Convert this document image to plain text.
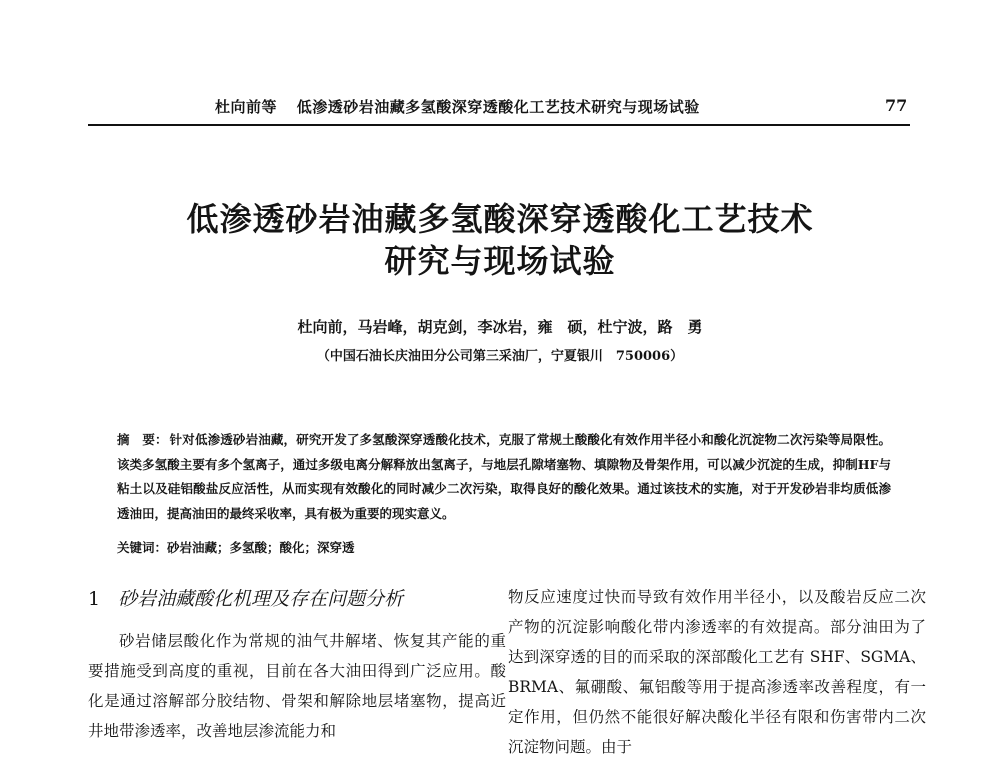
杜向前等 低渗透砂岩油藏多氢酸深穿透酸化工艺技术研究与现场试验	77
低渗透砂岩油藏多氢酸深穿透酸化工艺技术
研究与现场试验
杜向前，马岩峰，胡克剑，李冰岩，雍　硕，杜宁波，路　勇
（中国石油长庆油田分公司第三采油厂，宁夏银川　750006）
摘　要： 针对低渗透砂岩油藏，研究开发了多氢酸深穿透酸化技术，克服了常规土酸酸化有效作用半径小和酸化沉淀物二次污染等局限性。该类多氢酸主要有多个氢离子，通过多级电离分解释放出氢离子，与地层孔隙堵塞物、填隙物及骨架作用，可以减少沉淀的生成，抑制HF与粘土以及硅铝酸盐反应活性，从而实现有效酸化的同时减少二次污染，取得良好的酸化效果。通过该技术的实施，对于开发砂岩非均质低渗透油田，提高油田的最终采收率，具有极为重要的现实意义。
关键词：砂岩油藏；多氢酸；酸化；深穿透
1 砂岩油藏酸化机理及存在问题分析
砂岩储层酸化作为常规的油气井解堵、恢复其产能的重要措施受到高度的重视，目前在各大油田得到广泛应用。酸化是通过溶解部分胶结物、骨架和解除地层堵塞物，提高近井地带渗透率，改善地层渗流能力和
物反应速度过快而导致有效作用半径小，以及酸岩反应二次产物的沉淀影响酸化带内渗透率的有效提高。部分油田为了达到深穿透的目的而采取的深部酸化工艺有 SHF、SGMA、BRMA、氟硼酸、氟铝酸等用于提高渗透率改善程度，有一定作用，但仍然不能很好解决酸化半径有限和伤害带内二次沉淀物问题。由于
